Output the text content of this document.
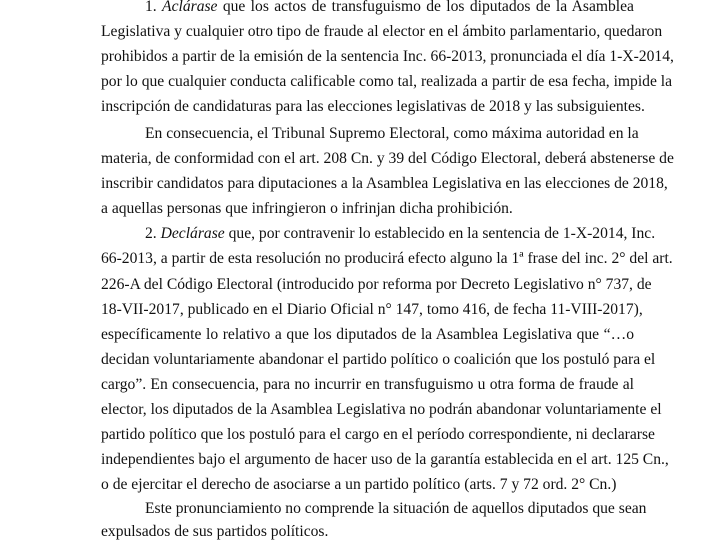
1. Aclárase que los actos de transfuguismo de los diputados de la Asamblea
Legislativa y cualquier otro tipo de fraude al elector en el ámbito parlamentario, quedaron
prohibidos a partir de la emisión de la sentencia Inc. 66-2013, pronunciada el día 1-X-2014,
por lo que cualquier conducta calificable como tal, realizada a partir de esa fecha, impide la
inscripción de candidaturas para las elecciones legislativas de 2018 y las subsiguientes.
En consecuencia, el Tribunal Supremo Electoral, como máxima autoridad en la
materia, de conformidad con el art. 208 Cn. y 39 del Código Electoral, deberá abstenerse de
inscribir candidatos para diputaciones a la Asamblea Legislativa en las elecciones de 2018,
a aquellas personas que infringieron o infrinjan dicha prohibición.
2. Declárase que, por contravenir lo establecido en la sentencia de 1-X-2014, Inc.
66-2013, a partir de esta resolución no producirá efecto alguno la 1ª frase del inc. 2° del art.
226-A del Código Electoral (introducido por reforma por Decreto Legislativo n° 737, de
18-VII-2017, publicado en el Diario Oficial n° 147, tomo 416, de fecha 11-VIII-2017),
específicamente lo relativo a que los diputados de la Asamblea Legislativa que “…o
decidan voluntariamente abandonar el partido político o coalición que los postuló para el
cargo”. En consecuencia, para no incurrir en transfuguismo u otra forma de fraude al
elector, los diputados de la Asamblea Legislativa no podrán abandonar voluntariamente el
partido político que los postuló para el cargo en el período correspondiente, ni declararse
independientes bajo el argumento de hacer uso de la garantía establecida en el art. 125 Cn.,
o de ejercitar el derecho de asociarse a un partido político (arts. 7 y 72 ord. 2° Cn.)
Este pronunciamiento no comprende la situación de aquellos diputados que sean
expulsados de sus partidos políticos.
